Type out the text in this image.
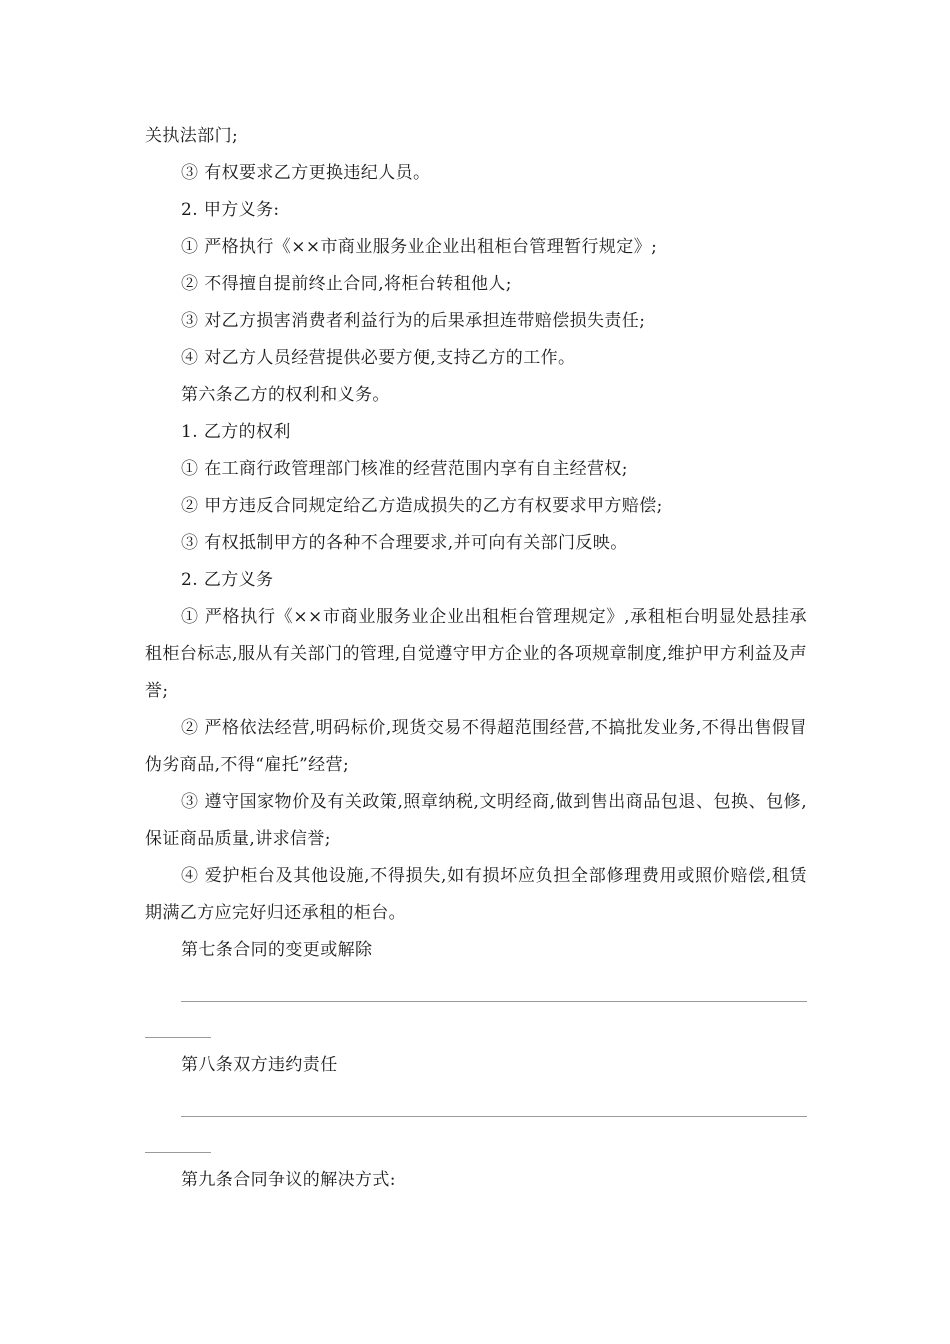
关执法部门;

③ 有权要求乙方更换违纪人员。

2. 甲方义务:

① 严格执行《××市商业服务业企业出租柜台管理暂行规定》;

② 不得擅自提前终止合同,将柜台转租他人;

③ 对乙方损害消费者利益行为的后果承担连带赔偿损失责任;

④ 对乙方人员经营提供必要方便,支持乙方的工作。

第六条乙方的权利和义务。

1. 乙方的权利

① 在工商行政管理部门核准的经营范围内享有自主经营权;

② 甲方违反合同规定给乙方造成损失的乙方有权要求甲方赔偿;

③ 有权抵制甲方的各种不合理要求,并可向有关部门反映。

2. 乙方义务

① 严格执行《××市商业服务业企业出租柜台管理规定》,承租柜台明显处悬挂承租柜台标志,服从有关部门的管理,自觉遵守甲方企业的各项规章制度,维护甲方利益及声誉;

② 严格依法经营,明码标价,现货交易不得超范围经营,不搞批发业务,不得出售假冒伪劣商品,不得“雇托”经营;

③ 遵守国家物价及有关政策,照章纳税,文明经商,做到售出商品包退、包换、包修,保证商品质量,讲求信誉;

④ 爱护柜台及其他设施,不得损失,如有损坏应负担全部修理费用或照价赔偿,租赁期满乙方应完好归还承租的柜台。

第七条合同的变更或解除

第八条双方违约责任

第九条合同争议的解决方式:
